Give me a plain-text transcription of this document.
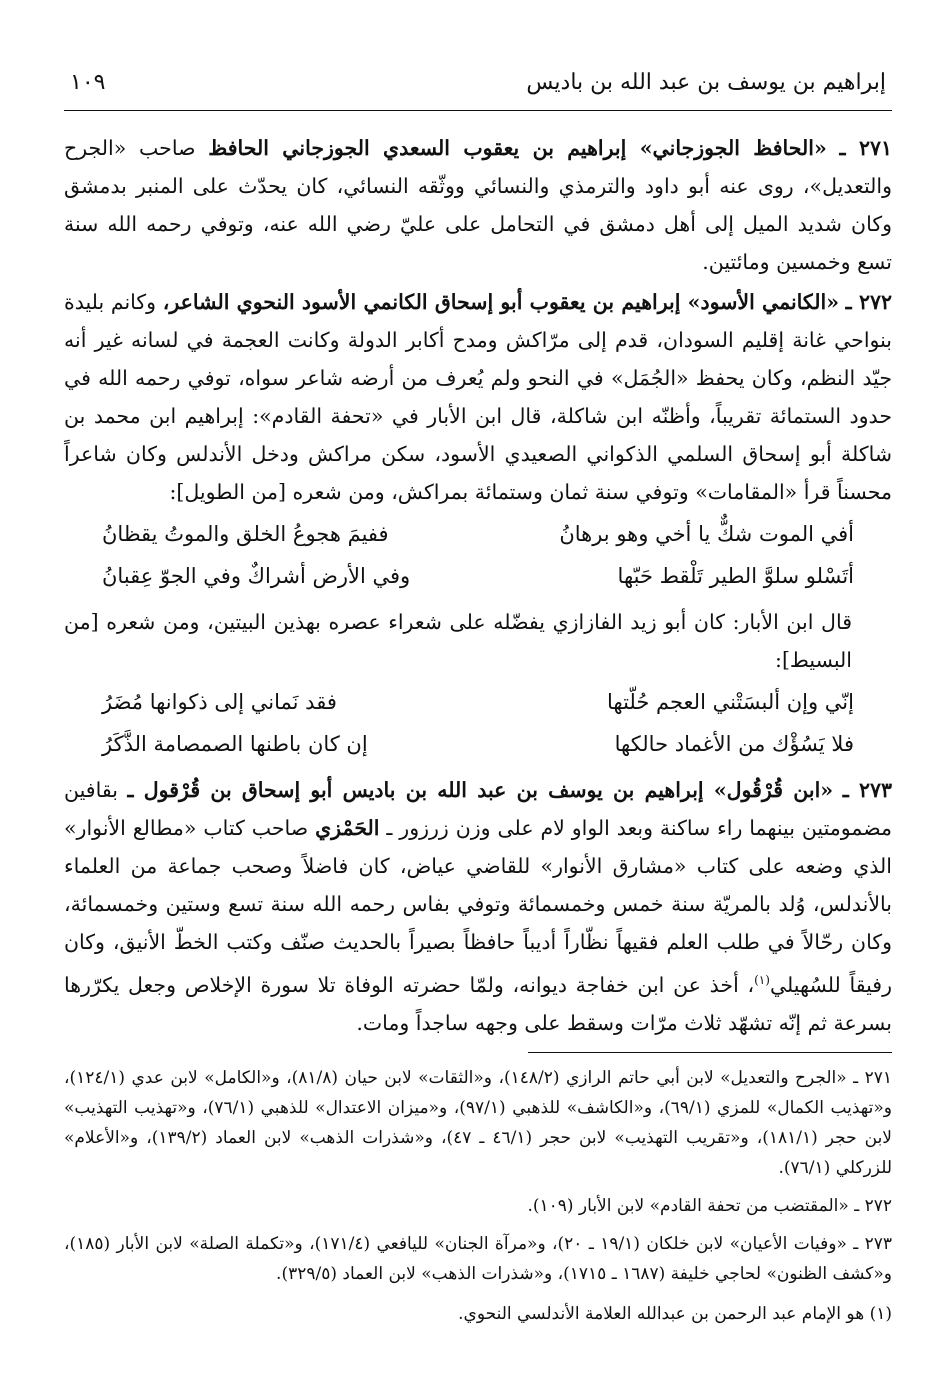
إبراهيم بن يوسف بن عبد الله بن باديس
١٠٩

٢٧١ ـ «الحافظ الجوزجاني» إبراهيم بن يعقوب السعدي الجوزجاني الحافظ صاحب «الجرح والتعديل»، روى عنه أبو داود والترمذي والنسائي ووثّقه النسائي، كان يحدّث على المنبر بدمشق وكان شديد الميل إلى أهل دمشق في التحامل على عليّ رضي الله عنه، وتوفي رحمه الله سنة تسع وخمسين ومائتين.

٢٧٢ ـ «الكانمي الأسود» إبراهيم بن يعقوب أبو إسحاق الكانمي الأسود النحوي الشاعر، وكانم بليدة بنواحي غانة إقليم السودان، قدم إلى مرّاكش ومدح أكابر الدولة وكانت العجمة في لسانه غير أنه جيّد النظم، وكان يحفظ «الجُمَل» في النحو ولم يُعرف من أرضه شاعر سواه، توفي رحمه الله في حدود الستمائة تقريباً، وأظنّه ابن شاكلة، قال ابن الأبار في «تحفة القادم»: إبراهيم ابن محمد بن شاكلة أبو إسحاق السلمي الذكواني الصعيدي الأسود، سكن مراكش ودخل الأندلس وكان شاعراً محسناً قرأ «المقامات» وتوفي سنة ثمان وستمائة بمراكش، ومن شعره [من الطويل]:

أفي الموت شكٌّ يا أخي وهو برهانُ
ففيمَ هجوعُ الخلق والموتُ يقظانُ
أتَسْلو سلوَّ الطير تَلْقط حَبّها
وفي الأرض أشراكٌ وفي الجوّ عِقبانُ

قال ابن الأبار: كان أبو زيد الفازازي يفضّله على شعراء عصره بهذين البيتين، ومن شعره [من البسيط]:

إنّي وإن ألبسَتْني العجم حُلّتها
فقد نَماني إلى ذكوانها مُضَرُ
فلا يَسُؤْك من الأغماد حالكها
إن كان باطنها الصمصامة الذَّكَرُ

٢٧٣ ـ «ابن قُرْقُول» إبراهيم بن يوسف بن عبد الله بن باديس أبو إسحاق بن قُرْقول ـ بقافين مضمومتين بينهما راء ساكنة وبعد الواو لام على وزن زرزور ـ الحَمْزي صاحب كتاب «مطالع الأنوار» الذي وضعه على كتاب «مشارق الأنوار» للقاضي عياض، كان فاضلاً وصحب جماعة من العلماء بالأندلس، وُلد بالمريّة سنة خمس وخمسمائة وتوفي بفاس رحمه الله سنة تسع وستين وخمسمائة، وكان رحّالاً في طلب العلم فقيهاً نظّاراً أديباً حافظاً بصيراً بالحديث صنّف وكتب الخطّ الأنيق، وكان رفيقاً للسُهيلي$^{(١)}$، أخذ عن ابن خفاجة ديوانه، ولمّا حضرته الوفاة تلا سورة الإخلاص وجعل يكرّرها بسرعة ثم إنّه تشهّد ثلاث مرّات وسقط على وجهه ساجداً ومات.

٢٧١ ـ «الجرح والتعديل» لابن أبي حاتم الرازي (١٤٨/٢)، و«الثقات» لابن حيان (٨١/٨)، و«الكامل» لابن عدي (١٢٤/١)، و«تهذيب الكمال» للمزي (٦٩/١)، و«الكاشف» للذهبي (٩٧/١)، و«ميزان الاعتدال» للذهبي (٧٦/١)، و«تهذيب التهذيب» لابن حجر (١٨١/١)، و«تقريب التهذيب» لابن حجر (٤٦/١ ـ ٤٧)، و«شذرات الذهب» لابن العماد (١٣٩/٢)، و«الأعلام» للزركلي (٧٦/١).

٢٧٢ ـ «المقتضب من تحفة القادم» لابن الأبار (١٠٩).

٢٧٣ ـ «وفيات الأعيان» لابن خلكان (١٩/١ ـ ٢٠)، و«مرآة الجنان» لليافعي (١٧١/٤)، و«تكملة الصلة» لابن الأبار (١٨٥)، و«كشف الظنون» لحاجي خليفة (١٦٨٧ ـ ١٧١٥)، و«شذرات الذهب» لابن العماد (٣٢٩/٥).

(١) هو الإمام عبد الرحمن بن عبدالله العلامة الأندلسي النحوي.
